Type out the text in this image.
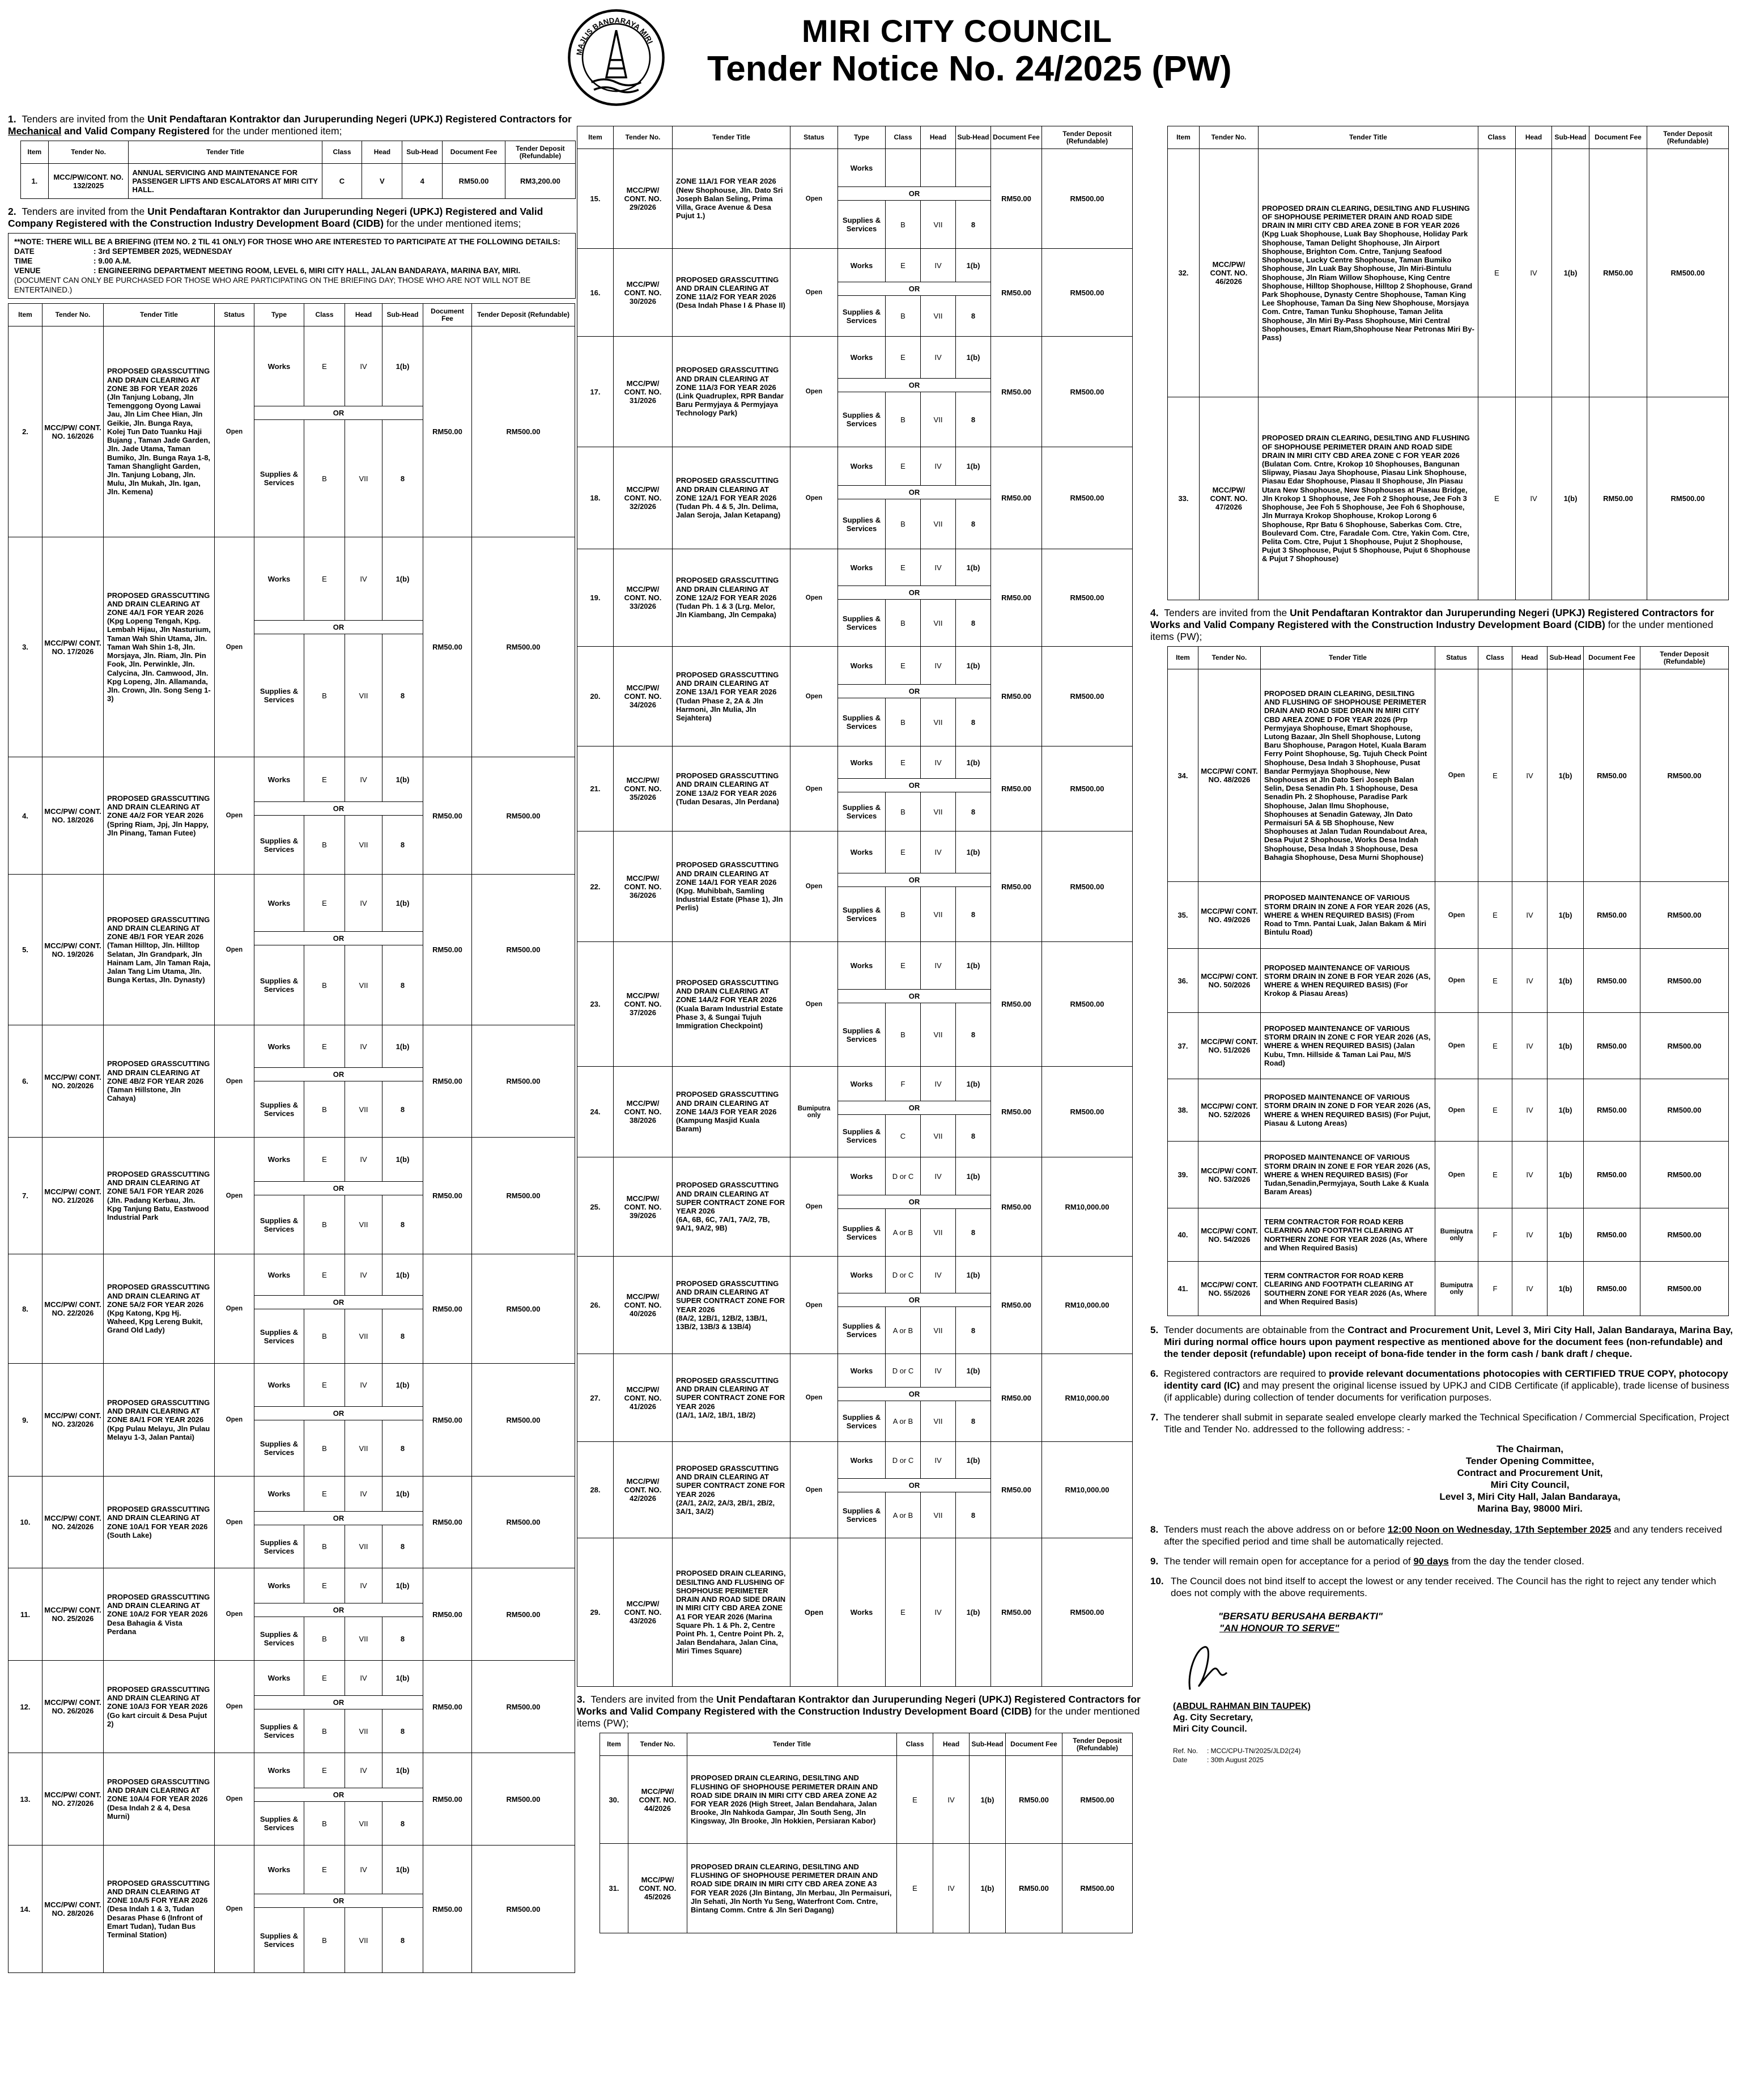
MAJLIS BANDARAYA MIRI	MIRI CITY COUNCIL
Tender Notice No. 24/2025 (PW)
1. Tenders are invited from the Unit Pendaftaran Kontraktor dan Juruperunding Negeri (UPKJ) Registered Contractors for Mechanical and Valid Company Registered for the under mentioned item;
Item	Tender No.	Tender Title	Class	Head	Sub-Head	Document Fee	Tender Deposit (Refundable)
1.	MCC/PW/CONT. NO. 132/2025	ANNUAL SERVICING AND MAINTENANCE FOR PASSENGER LIFTS AND ESCALATORS AT MIRI CITY HALL.	C	V	4	RM50.00	RM3,200.00
2. Tenders are invited from the Unit Pendaftaran Kontraktor dan Juruperunding Negeri (UPKJ) Registered and Valid Company Registered with the Construction Industry Development Board (CIDB) for the under mentioned items;
**NOTE: THERE WILL BE A BRIEFING (ITEM NO. 2 TIL 41 ONLY) FOR THOSE WHO ARE INTERESTED TO PARTICIPATE AT THE FOLLOWING DETAILS:
DATE	: 3rd SEPTEMBER 2025, WEDNESDAY
TIME	: 9.00 A.M.
VENUE	: ENGINEERING DEPARTMENT MEETING ROOM, LEVEL 6, MIRI CITY HALL, JALAN BANDARAYA, MARINA BAY, MIRI.
(DOCUMENT CAN ONLY BE PURCHASED FOR THOSE WHO ARE PARTICIPATING ON THE BRIEFING DAY; THOSE WHO ARE NOT WILL NOT BE ENTERTAINED.)
Item	Tender No.	Tender Title	Status	Type	Class	Head	Sub-Head	Document Fee	Tender Deposit (Refundable)
2.	MCC/PW/ CONT. NO. 16/2026	PROPOSED GRASSCUTTING AND DRAIN CLEARING AT ZONE 3B FOR YEAR 2026
(Jln Tanjung Lobang, Jln Temenggong Oyong Lawai Jau, Jln Lim Chee Hian, Jln Geikie, Jln. Bunga Raya, Kolej Tun Dato Tuanku Haji Bujang , Taman Jade Garden, Jln. Jade Utama, Taman Bumiko, Jln. Bunga Raya 1-8, Taman Shanglight Garden, Jln. Tanjung Lobang, Jln. Mulu, Jln Mukah, Jln. Igan, Jln. Kemena)	Open	Works	E	IV	1(b)	RM50.00	RM500.00
				OR					
				Supplies & Services	B	VII	8		
3.	MCC/PW/ CONT. NO. 17/2026	PROPOSED GRASSCUTTING AND DRAIN CLEARING AT ZONE 4A/1 FOR YEAR 2026
(Kpg Lopeng Tengah, Kpg. Lembah Hijau, Jln Nasturium, Taman Wah Shin Utama, Jln. Taman Wah Shin 1-8, Jln. Morsjaya, Jln. Riam, Jln. Pin Fook, Jln. Perwinkle, Jln. Calycina, Jln. Camwood, Jln. Kpg Lopeng, Jln. Allamanda, Jln. Crown, Jln. Song Seng 1-3)	Open	Works	E	IV	1(b)	RM50.00	RM500.00
				OR					
				Supplies & Services	B	VII	8		
4.	MCC/PW/ CONT. NO. 18/2026	PROPOSED GRASSCUTTING AND DRAIN CLEARING AT ZONE 4A/2 FOR YEAR 2026
(Spring Riam, Jpj, Jln Happy, Jln Pinang, Taman Futee)	Open	Works	E	IV	1(b)	RM50.00	RM500.00
				OR					
				Supplies & Services	B	VII	8		
5.	MCC/PW/ CONT. NO. 19/2026	PROPOSED GRASSCUTTING AND DRAIN CLEARING AT ZONE 4B/1 FOR YEAR 2026
(Taman Hilltop, Jln. Hilltop Selatan, Jln Grandpark, Jln Hainam Lam, Jln Taman Raja, Jalan Tang Lim Utama, Jln. Bunga Kertas, Jln. Dynasty)	Open	Works	E	IV	1(b)	RM50.00	RM500.00
				OR					
				Supplies & Services	B	VII	8		
6.	MCC/PW/ CONT. NO. 20/2026	PROPOSED GRASSCUTTING AND DRAIN CLEARING AT ZONE 4B/2 FOR YEAR 2026
(Taman Hillstone, Jln Cahaya)	Open	Works	E	IV	1(b)	RM50.00	RM500.00
				OR					
				Supplies & Services	B	VII	8		
7.	MCC/PW/ CONT. NO. 21/2026	PROPOSED GRASSCUTTING AND DRAIN CLEARING AT ZONE 5A/1 FOR YEAR 2026
(Jln. Padang Kerbau, Jln. Kpg Tanjung Batu, Eastwood Industrial Park	Open	Works	E	IV	1(b)	RM50.00	RM500.00
				OR					
				Supplies & Services	B	VII	8		
8.	MCC/PW/ CONT. NO. 22/2026	PROPOSED GRASSCUTTING AND DRAIN CLEARING AT ZONE 5A/2 FOR YEAR 2026
(Kpg Katong, Kpg Hj. Waheed, Kpg Lereng Bukit, Grand Old Lady)	Open	Works	E	IV	1(b)	RM50.00	RM500.00
				OR					
				Supplies & Services	B	VII	8		
9.	MCC/PW/ CONT. NO. 23/2026	PROPOSED GRASSCUTTING AND DRAIN CLEARING AT ZONE 8A/1 FOR YEAR 2026
(Kpg Pulau Melayu, Jln Pulau Melayu 1-3, Jalan Pantai)	Open	Works	E	IV	1(b)	RM50.00	RM500.00
				OR					
				Supplies & Services	B	VII	8		
10.	MCC/PW/ CONT. NO. 24/2026	PROPOSED GRASSCUTTING AND DRAIN CLEARING AT ZONE 10A/1 FOR YEAR 2026
(South Lake)	Open	Works	E	IV	1(b)	RM50.00	RM500.00
				OR					
				Supplies & Services	B	VII	8		
11.	MCC/PW/ CONT. NO. 25/2026	PROPOSED GRASSCUTTING AND DRAIN CLEARING AT ZONE 10A/2 FOR YEAR 2026
Desa Bahagia & Vista Perdana	Open	Works	E	IV	1(b)	RM50.00	RM500.00
				OR					
				Supplies & Services	B	VII	8		
12.	MCC/PW/ CONT. NO. 26/2026	PROPOSED GRASSCUTTING AND DRAIN CLEARING AT ZONE 10A/3 FOR YEAR 2026
(Go kart circuit & Desa Pujut 2)	Open	Works	E	IV	1(b)	RM50.00	RM500.00
				OR					
				Supplies & Services	B	VII	8		
13.	MCC/PW/ CONT. NO. 27/2026	PROPOSED GRASSCUTTING AND DRAIN CLEARING AT ZONE 10A/4 FOR YEAR 2026
(Desa Indah 2 & 4, Desa Murni)	Open	Works	E	IV	1(b)	RM50.00	RM500.00
				OR					
				Supplies & Services	B	VII	8		
14.	MCC/PW/ CONT. NO. 28/2026	PROPOSED GRASSCUTTING AND DRAIN CLEARING AT ZONE 10A/5 FOR YEAR 2026
(Desa Indah 1 & 3, Tudan Desaras Phase 6 (Infront of Emart Tudan), Tudan Bus Terminal Station)	Open	Works	E	IV	1(b)	RM50.00	RM500.00
				OR					
				Supplies & Services	B	VII	8		
Item	Tender No.	Tender Title	Status	Type	Class	Head	Sub-Head	Document Fee	Tender Deposit (Refundable)
15.	MCC/PW/ CONT. NO. 29/2026	ZONE 11A/1 FOR YEAR 2026
(New Shophouse, Jln. Dato Sri Joseph Balan Seling, Prima Villa, Grace Avenue & Desa Pujut 1.)	Open	Works				RM50.00	RM500.00
				OR					
				Supplies & Services	B	VII	8		
16.	MCC/PW/ CONT. NO. 30/2026	PROPOSED GRASSCUTTING AND DRAIN CLEARING AT ZONE 11A/2 FOR YEAR 2026
(Desa Indah Phase I & Phase II)	Open	Works	E	IV	1(b)	RM50.00	RM500.00
				OR					
				Supplies & Services	B	VII	8		
17.	MCC/PW/ CONT. NO. 31/2026	PROPOSED GRASSCUTTING AND DRAIN CLEARING AT ZONE 11A/3 FOR YEAR 2026
(Link Quadruplex, RPR Bandar Baru Permyjaya & Permyjaya Technology Park)	Open	Works	E	IV	1(b)	RM50.00	RM500.00
				OR					
				Supplies & Services	B	VII	8		
18.	MCC/PW/ CONT. NO. 32/2026	PROPOSED GRASSCUTTING AND DRAIN CLEARING AT ZONE 12A/1 FOR YEAR 2026
(Tudan Ph. 4 & 5, Jln. Delima, Jalan Seroja, Jalan Ketapang)	Open	Works	E	IV	1(b)	RM50.00	RM500.00
				OR					
				Supplies & Services	B	VII	8		
19.	MCC/PW/ CONT. NO. 33/2026	PROPOSED GRASSCUTTING AND DRAIN CLEARING AT ZONE 12A/2 FOR YEAR 2026
(Tudan Ph. 1 & 3 (Lrg. Melor, Jln Kiambang, Jln Cempaka)	Open	Works	E	IV	1(b)	RM50.00	RM500.00
				OR					
				Supplies & Services	B	VII	8		
20.	MCC/PW/ CONT. NO. 34/2026	PROPOSED GRASSCUTTING AND DRAIN CLEARING AT ZONE 13A/1 FOR YEAR 2026
(Tudan Phase 2, 2A & Jln Harmoni, Jln Mulia, Jln Sejahtera)	Open	Works	E	IV	1(b)	RM50.00	RM500.00
				OR					
				Supplies & Services	B	VII	8		
21.	MCC/PW/ CONT. NO. 35/2026	PROPOSED GRASSCUTTING AND DRAIN CLEARING AT ZONE 13A/2 FOR YEAR 2026
(Tudan Desaras, Jln Perdana)	Open	Works	E	IV	1(b)	RM50.00	RM500.00
				OR					
				Supplies & Services	B	VII	8		
22.	MCC/PW/ CONT. NO. 36/2026	PROPOSED GRASSCUTTING AND DRAIN CLEARING AT ZONE 14A/1 FOR YEAR 2026
(Kpg. Muhibbah, Samling Industrial Estate (Phase 1), Jln Perlis)	Open	Works	E	IV	1(b)	RM50.00	RM500.00
				OR					
				Supplies & Services	B	VII	8		
23.	MCC/PW/ CONT. NO. 37/2026	PROPOSED GRASSCUTTING AND DRAIN CLEARING AT ZONE 14A/2 FOR YEAR 2026
(Kuala Baram Industrial Estate Phase 3, & Sungai Tujuh Immigration Checkpoint)	Open	Works	E	IV	1(b)	RM50.00	RM500.00
				OR					
				Supplies & Services	B	VII	8		
24.	MCC/PW/ CONT. NO. 38/2026	PROPOSED GRASSCUTTING AND DRAIN CLEARING AT ZONE 14A/3 FOR YEAR 2026
(Kampung Masjid Kuala Baram)	Bumiputra only	Works	F	IV	1(b)	RM50.00	RM500.00
				OR					
				Supplies & Services	C	VII	8		
25.	MCC/PW/ CONT. NO. 39/2026	PROPOSED GRASSCUTTING AND DRAIN CLEARING AT SUPER CONTRACT ZONE FOR YEAR 2026
(6A, 6B, 6C, 7A/1, 7A/2, 7B, 9A/1, 9A/2, 9B)	Open	Works	D or C	IV	1(b)	RM50.00	RM10,000.00
				OR					
				Supplies & Services	A or B	VII	8		
26.	MCC/PW/ CONT. NO. 40/2026	PROPOSED GRASSCUTTING AND DRAIN CLEARING AT SUPER CONTRACT ZONE FOR YEAR 2026
(8A/2, 12B/1, 12B/2, 13B/1, 13B/2, 13B/3 & 13B/4)	Open	Works	D or C	IV	1(b)	RM50.00	RM10,000.00
				OR					
				Supplies & Services	A or B	VII	8		
27.	MCC/PW/ CONT. NO. 41/2026	PROPOSED GRASSCUTTING AND DRAIN CLEARING AT SUPER CONTRACT ZONE FOR YEAR 2026
(1A/1, 1A/2, 1B/1, 1B/2)	Open	Works	D or C	IV	1(b)	RM50.00	RM10,000.00
				OR					
				Supplies & Services	A or B	VII	8		
28.	MCC/PW/ CONT. NO. 42/2026	PROPOSED GRASSCUTTING AND DRAIN CLEARING AT SUPER CONTRACT ZONE FOR YEAR 2026
(2A/1, 2A/2, 2A/3, 2B/1, 2B/2, 3A/1, 3A/2)	Open	Works	D or C	IV	1(b)	RM50.00	RM10,000.00
				OR					
				Supplies & Services	A or B	VII	8		
29.	MCC/PW/ CONT. NO. 43/2026	PROPOSED DRAIN CLEARING, DESILTING AND FLUSHING OF SHOPHOUSE PERIMETER DRAIN AND ROAD SIDE DRAIN IN MIRI CITY CBD AREA ZONE A1 FOR YEAR 2026 (Marina Square Ph. 1 & Ph. 2, Centre Point Ph. 1, Centre Point Ph. 2, Jalan Bendahara, Jalan Cina, Miri Times Square)	Open	Works	E	IV	1(b)	RM50.00	RM500.00
3. Tenders are invited from the Unit Pendaftaran Kontraktor dan Juruperunding Negeri (UPKJ) Registered Contractors for Works and Valid Company Registered with the Construction Industry Development Board (CIDB) for the under mentioned items (PW);
Item	Tender No.	Tender Title	Class	Head	Sub-Head	Document Fee	Tender Deposit (Refundable)
30.	MCC/PW/ CONT. NO. 44/2026	PROPOSED DRAIN CLEARING, DESILTING AND FLUSHING OF SHOPHOUSE PERIMETER DRAIN AND ROAD SIDE DRAIN IN MIRI CITY CBD AREA ZONE A2 FOR YEAR 2026 (High Street, Jalan Bendahara, Jalan Brooke, Jln Nahkoda Gampar, Jln South Seng, Jln Kingsway, Jln Brooke, Jln Hokkien, Persiaran Kabor)	E	IV	1(b)	RM50.00	RM500.00
31.	MCC/PW/ CONT. NO. 45/2026	PROPOSED DRAIN CLEARING, DESILTING AND FLUSHING OF SHOPHOUSE PERIMETER DRAIN AND ROAD SIDE DRAIN IN MIRI CITY CBD AREA ZONE A3 FOR YEAR 2026 (Jln Bintang, Jln Merbau, Jln Permaisuri, Jln Sehati, Jln North Yu Seng, Waterfront Com. Cntre, Bintang Comm. Cntre & Jln Seri Dagang)	E	IV	1(b)	RM50.00	RM500.00
Item	Tender No.	Tender Title	Class	Head	Sub-Head	Document Fee	Tender Deposit (Refundable)
32.	MCC/PW/ CONT. NO. 46/2026	PROPOSED DRAIN CLEARING, DESILTING AND FLUSHING OF SHOPHOUSE PERIMETER DRAIN AND ROAD SIDE DRAIN IN MIRI CITY CBD AREA ZONE B FOR YEAR 2026 (Kpg Luak Shophouse, Luak Bay Shophouse, Holiday Park Shophouse, Taman Delight Shophouse, Jln Airport Shophouse, Brighton Com. Cntre, Tanjung Seafood Shophouse, Lucky Centre Shophouse, Taman Bumiko Shophouse, Jln Luak Bay Shophouse, Jln Miri-Bintulu Shophouse, Jln Riam Willow Shophouse, King Centre Shophouse, Hilltop Shophouse, Hilltop 2 Shophouse, Grand Park Shophouse, Dynasty Centre Shophouse, Taman King Lee Shophouse, Taman Da Sing New Shophouse, Morsjaya Com. Cntre, Taman Tunku Shophouse, Taman Jelita Shophouse, Jln Miri By-Pass Shophouse, Miri Central Shophouses, Emart Riam,Shophouse Near Petronas Miri By-Pass)	E	IV	1(b)	RM50.00	RM500.00
33.	MCC/PW/ CONT. NO. 47/2026	PROPOSED DRAIN CLEARING, DESILTING AND FLUSHING OF SHOPHOUSE PERIMETER DRAIN AND ROAD SIDE DRAIN IN MIRI CITY CBD AREA ZONE C FOR YEAR 2026 (Bulatan Com. Cntre, Krokop 10 Shophouses, Bangunan Slipway, Piasau Jaya Shophouse, Piasau Link Shophouse, Piasau Edar Shophouse, Piasau II Shophouse, Jln Piasau Utara New Shophouse, New Shophouses at Piasau Bridge, Jln Krokop 1 Shophouse, Jee Foh 2 Shophouse, Jee Foh 3 Shophouse, Jee Foh 5 Shophouse, Jee Foh 6 Shophouse, Jln Murraya Krokop Shophouse, Krokop Lorong 6 Shophouse, Rpr Batu 6 Shophouse, Saberkas Com. Ctre, Boulevard Com. Ctre, Faradale Com. Ctre, Yakin Com. Ctre, Pelita Com. Ctre, Pujut 1 Shophouse, Pujut 2 Shophouse, Pujut 3 Shophouse, Pujut 5 Shophouse, Pujut 6 Shophouse & Pujut 7 Shophouse)	E	IV	1(b)	RM50.00	RM500.00
4. Tenders are invited from the Unit Pendaftaran Kontraktor dan Juruperunding Negeri (UPKJ) Registered Contractors for Works and Valid Company Registered with the Construction Industry Development Board (CIDB) for the under mentioned items (PW);
Item	Tender No.	Tender Title	Status	Class	Head	Sub-Head	Document Fee	Tender Deposit (Refundable)
34.	MCC/PW/ CONT. NO. 48/2026	PROPOSED DRAIN CLEARING, DESILTING AND FLUSHING OF SHOPHOUSE PERIMETER DRAIN AND ROAD SIDE DRAIN IN MIRI CITY CBD AREA ZONE D FOR YEAR 2026 (Prp Permyjaya Shophouse, Emart Shophouse, Lutong Bazaar, Jln Shell Shophouse, Lutong Baru Shophouse, Paragon Hotel, Kuala Baram Ferry Point Shophouse, Sg. Tujuh Check Point Shophouse, Desa Indah 3 Shophouse, Pusat Bandar Permyjaya Shophouse, New Shophouses at Jln Dato Seri Joseph Balan Selin, Desa Senadin Ph. 1 Shophouse, Desa Senadin Ph. 2 Shophouse, Paradise Park Shophouse, Jalan Ilmu Shophouse, Shophouses at Senadin Gateway, Jln Dato Permaisuri 5A & 5B Shophouse, New Shophouses at Jalan Tudan Roundabout Area, Desa Pujut 2 Shophouse, Works Desa Indah Shophouse, Desa Indah 3 Shophouse, Desa Bahagia Shophouse, Desa Murni Shophouse)	Open	E	IV	1(b)	RM50.00	RM500.00
35.	MCC/PW/ CONT. NO. 49/2026	PROPOSED MAINTENANCE OF VARIOUS STORM DRAIN IN ZONE A FOR YEAR 2026 (AS, WHERE & WHEN REQUIRED BASIS) (From Road to Tmn. Pantai Luak, Jalan Bakam & Miri Bintulu Road)	Open	E	IV	1(b)	RM50.00	RM500.00
36.	MCC/PW/ CONT. NO. 50/2026	PROPOSED MAINTENANCE OF VARIOUS STORM DRAIN IN ZONE B FOR YEAR 2026 (AS, WHERE & WHEN REQUIRED BASIS) (For Krokop & Piasau Areas)	Open	E	IV	1(b)	RM50.00	RM500.00
37.	MCC/PW/ CONT. NO. 51/2026	PROPOSED MAINTENANCE OF VARIOUS STORM DRAIN IN ZONE C FOR YEAR 2026 (AS, WHERE & WHEN REQUIRED BASIS) (Jalan Kubu, Tmn. Hillside & Taman Lai Pau, M/S Road)	Open	E	IV	1(b)	RM50.00	RM500.00
38.	MCC/PW/ CONT. NO. 52/2026	PROPOSED MAINTENANCE OF VARIOUS STORM DRAIN IN ZONE D FOR YEAR 2026 (AS, WHERE & WHEN REQUIRED BASIS) (For Pujut, Piasau & Lutong Areas)	Open	E	IV	1(b)	RM50.00	RM500.00
39.	MCC/PW/ CONT. NO. 53/2026	PROPOSED MAINTENANCE OF VARIOUS STORM DRAIN IN ZONE E FOR YEAR 2026 (AS, WHERE & WHEN REQUIRED BASIS) (For Tudan,Senadin,Permyjaya, South Lake & Kuala Baram Areas)	Open	E	IV	1(b)	RM50.00	RM500.00
40.	MCC/PW/ CONT. NO. 54/2026	TERM CONTRACTOR FOR ROAD KERB CLEARING AND FOOTPATH CLEARING AT NORTHERN ZONE FOR YEAR 2026 (As, Where and When Required Basis)	Bumiputra only	F	IV	1(b)	RM50.00	RM500.00
41.	MCC/PW/ CONT. NO. 55/2026	TERM CONTRACTOR FOR ROAD KERB CLEARING AND FOOTPATH CLEARING AT SOUTHERN ZONE FOR YEAR 2026 (As, Where and When Required Basis)	Bumiputra only	F	IV	1(b)	RM50.00	RM500.00
5. Tender documents are obtainable from the Contract and Procurement Unit, Level 3, Miri City Hall, Jalan Bandaraya, Marina Bay, Miri during normal office hours upon payment respective as mentioned above for the document fees (non-refundable) and the tender deposit (refundable) upon receipt of bona-fide tender in the form cash / bank draft / cheque.
6. Registered contractors are required to provide relevant documentations photocopies with CERTIFIED TRUE COPY, photocopy identity card (IC) and may present the original license issued by UPKJ and CIDB Certificate (if applicable), trade license of business (if applicable) during collection of tender documents for verification purposes.
7. The tenderer shall submit in separate sealed envelope clearly marked the Technical Specification / Commercial Specification, Project Title and Tender No. addressed to the following address: -
The Chairman,
Tender Opening Committee,
Contract and Procurement Unit,
Miri City Council,
Level 3, Miri City Hall, Jalan Bandaraya,
Marina Bay, 98000 Miri.
8. Tenders must reach the above address on or before 12:00 Noon on Wednesday, 17th September 2025 and any tenders received after the specified period and time shall be automatically rejected.
9. The tender will remain open for acceptance for a period of 90 days from the day the tender closed.
10. The Council does not bind itself to accept the lowest or any tender received. The Council has the right to reject any tender which does not comply with the above requirements.
"BERSATU BERUSAHA BERBAKTI"
"AN HONOUR TO SERVE"
(ABDUL RAHMAN BIN TAUPEK)
Ag. City Secretary,
Miri City Council.
Ref. No.	: MCC/CPU-TN/2025/JLD2(24)
Date	: 30th August 2025
